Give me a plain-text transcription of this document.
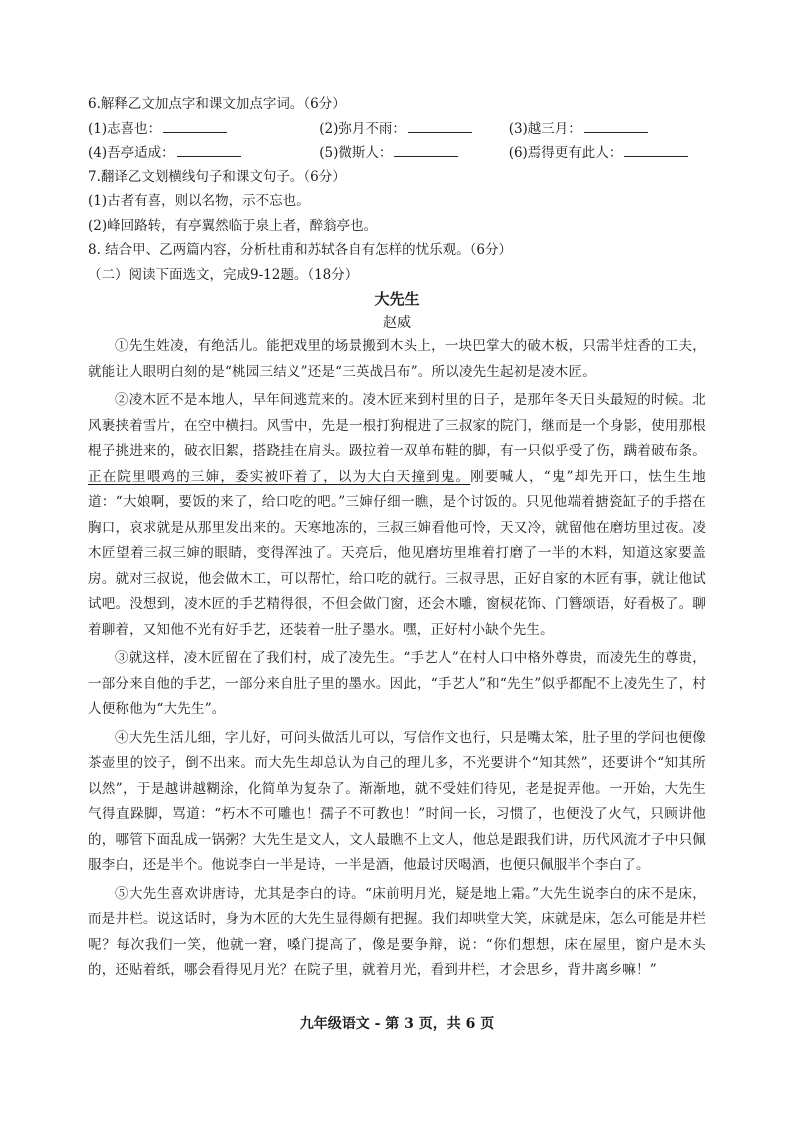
6.解释乙文加点字和课文加点字词。（6分）
(1)志喜也：	(2)弥月不雨：	(3)越三月：
(4)吾亭适成：	(5)微斯人：	(6)焉得更有此人：
7.翻译乙文划横线句子和课文句子。（6分）
(1)古者有喜，则以名物，示不忘也。
(2)峰回路转，有亭翼然临于泉上者，醉翁亭也。
8. 结合甲、乙两篇内容，分析杜甫和苏轼各自有怎样的忧乐观。（6分）
（二）阅读下面选文，完成9-12题。（18分）
大先生
赵威

①先生姓凌，有绝活儿。能把戏里的场景搬到木头上，一块巴掌大的破木板，只需半炷香的工夫，就能让人眼明白刻的是“桃园三结义”还是“三英战吕布”。所以凌先生起初是凌木匠。

②凌木匠不是本地人，早年间逃荒来的。凌木匠来到村里的日子，是那年冬天日头最短的时候。北风裹挟着雪片，在空中横扫。风雪中，先是一根打狗棍进了三叔家的院门，继而是一个身影，使用那根棍子挑进来的，破衣旧絮，搭跷挂在肩头。趿拉着一双单布鞋的脚，有一只似乎受了伤，蹒着破布条。正在院里喂鸡的三婶，委实被吓着了，以为大白天撞到鬼。刚要喊人，“鬼”却先开口，怯生生地道：“大娘啊，要饭的来了，给口吃的吧。”三婶仔细一瞧，是个讨饭的。只见他端着搪瓷缸子的手搭在胸口，哀求就是从那里发出来的。天寒地冻的，三叔三婶看他可怜，天又冷，就留他在磨坊里过夜。凌木匠望着三叔三婶的眼睛，变得浑浊了。天亮后，他见磨坊里堆着打磨了一半的木料，知道这家要盖房。就对三叔说，他会做木工，可以帮忙，给口吃的就行。三叔寻思，正好自家的木匠有事，就让他试试吧。没想到，凌木匠的手艺精得很，不但会做门窗，还会木雕，窗棂花饰、门簪颂语，好看极了。聊着聊着，又知他不光有好手艺，还装着一肚子墨水。嘿，正好村小缺个先生。

③就这样，凌木匠留在了我们村，成了凌先生。“手艺人”在村人口中格外尊贵，而凌先生的尊贵，一部分来自他的手艺，一部分来自肚子里的墨水。因此，“手艺人”和“先生”似乎都配不上凌先生了，村人便称他为“大先生”。

④大先生活儿细，字儿好，可问头做活儿可以，写信作文也行，只是嘴太笨，肚子里的学问也便像茶壶里的饺子，倒不出来。而大先生却总认为自己的理儿多，不光要讲个“知其然”，还要讲个“知其所以然”，于是越讲越糊涂，化简单为复杂了。渐渐地，就不受娃们待见，老是捉弄他。一开始，大先生气得直跺脚，骂道：“朽木不可雕也！孺子不可教也！”时间一长，习惯了，也便没了火气，只顾讲他的，哪管下面乱成一锅粥？大先生是文人，文人最瞧不上文人，他总是跟我们讲，历代风流才子中只佩服李白，还是半个。他说李白一半是诗，一半是酒，他最讨厌喝酒，也便只佩服半个李白了。

⑤大先生喜欢讲唐诗，尤其是李白的诗。“床前明月光，疑是地上霜。”大先生说李白的床不是床，而是井栏。说这话时，身为木匠的大先生显得颇有把握。我们却哄堂大笑，床就是床，怎么可能是井栏呢？每次我们一笑，他就一窘，嗓门提高了，像是要争辩，说：“你们想想，床在屋里，窗户是木头的，还贴着纸，哪会看得见月光？在院子里，就着月光，看到井栏，才会思乡，背井离乡嘛！”

九年级语文 - 第 3 页，共 6 页
